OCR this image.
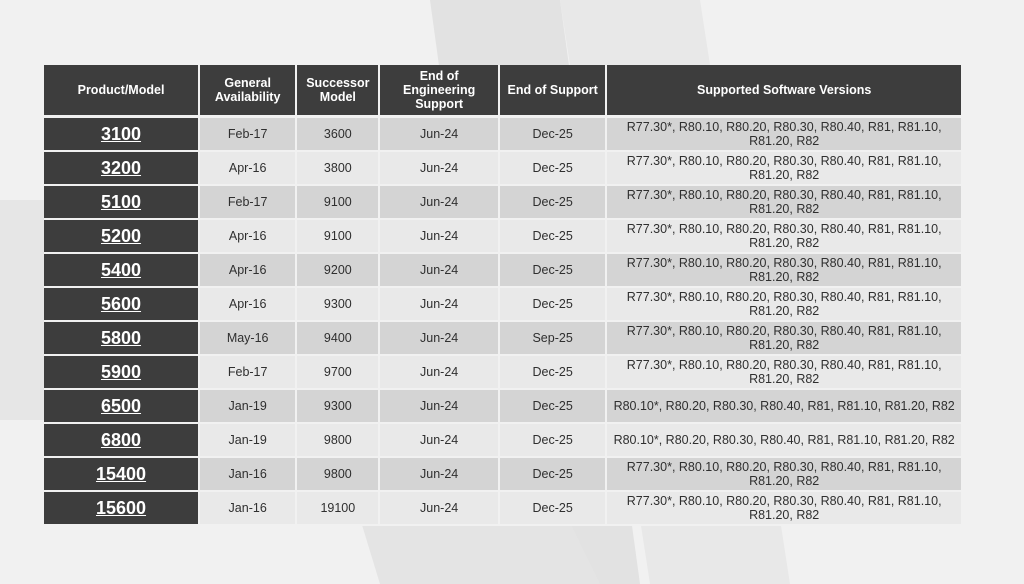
Product/Model	General Availability	Successor Model	End of Engineering Support	End of Support	Supported Software Versions
3100	Feb-17	3600	Jun-24	Dec-25	R77.30*, R80.10, R80.20, R80.30, R80.40, R81, R81.10, R81.20, R82
3200	Apr-16	3800	Jun-24	Dec-25	R77.30*, R80.10, R80.20, R80.30, R80.40, R81, R81.10, R81.20, R82
5100	Feb-17	9100	Jun-24	Dec-25	R77.30*, R80.10, R80.20, R80.30, R80.40, R81, R81.10, R81.20, R82
5200	Apr-16	9100	Jun-24	Dec-25	R77.30*, R80.10, R80.20, R80.30, R80.40, R81, R81.10, R81.20, R82
5400	Apr-16	9200	Jun-24	Dec-25	R77.30*, R80.10, R80.20, R80.30, R80.40, R81, R81.10, R81.20, R82
5600	Apr-16	9300	Jun-24	Dec-25	R77.30*, R80.10, R80.20, R80.30, R80.40, R81, R81.10, R81.20, R82
5800	May-16	9400	Jun-24	Sep-25	R77.30*, R80.10, R80.20, R80.30, R80.40, R81, R81.10, R81.20, R82
5900	Feb-17	9700	Jun-24	Dec-25	R77.30*, R80.10, R80.20, R80.30, R80.40, R81, R81.10, R81.20, R82
6500	Jan-19	9300	Jun-24	Dec-25	R80.10*, R80.20, R80.30, R80.40, R81, R81.10, R81.20, R82
6800	Jan-19	9800	Jun-24	Dec-25	R80.10*, R80.20, R80.30, R80.40, R81, R81.10, R81.20, R82
15400	Jan-16	9800	Jun-24	Dec-25	R77.30*, R80.10, R80.20, R80.30, R80.40, R81, R81.10, R81.20, R82
15600	Jan-16	19100	Jun-24	Dec-25	R77.30*, R80.10, R80.20, R80.30, R80.40, R81, R81.10, R81.20, R82
